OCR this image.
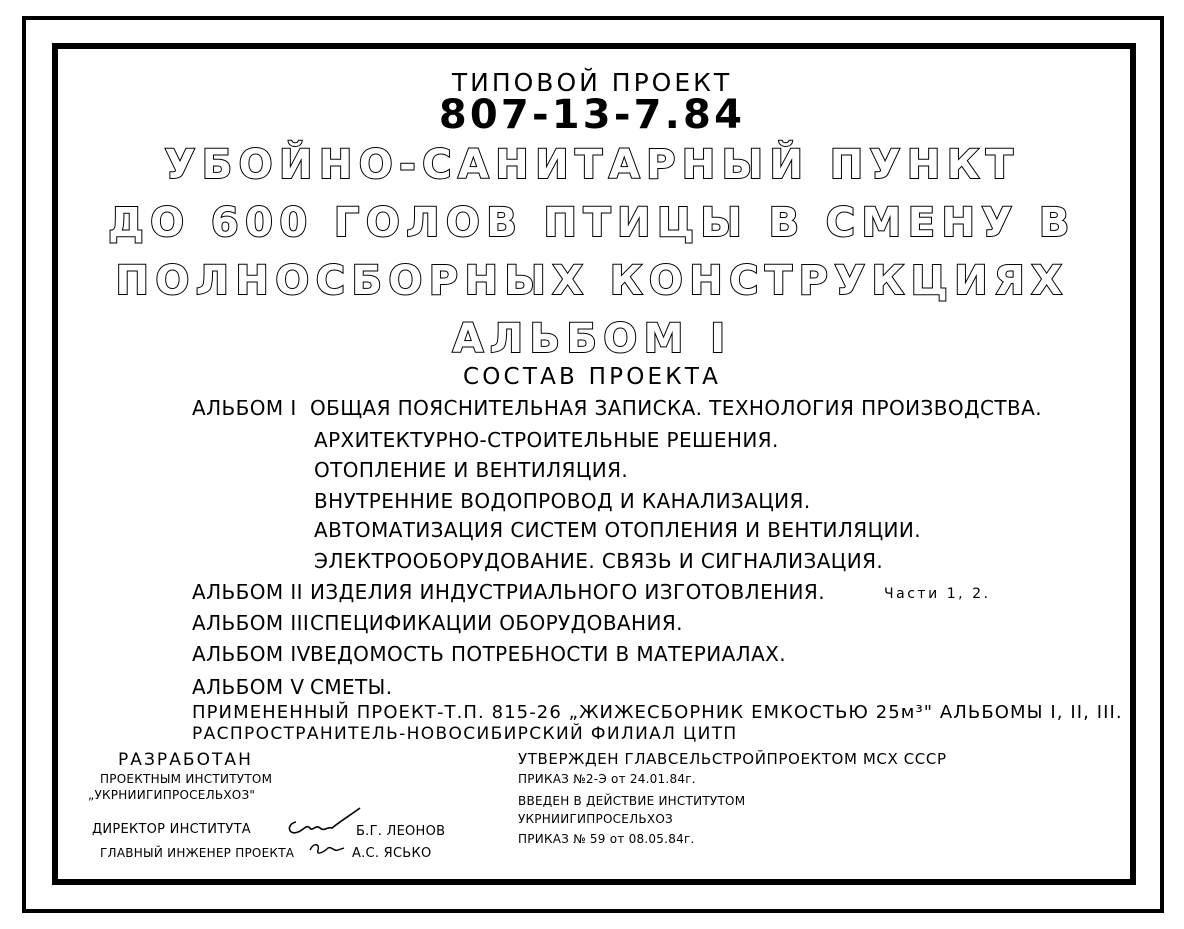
ТИПОВОЙ ПРОЕКТ
807-13-7.84
УБОЙНО-САНИТАРНЫЙ ПУНКТ
ДО 600 ГОЛОВ ПТИЦЫ В СМЕНУ В
ПОЛНОСБОРНЫХ КОНСТРУКЦИЯХ
АЛЬБОМ I
СОСТАВ ПРОЕКТА
АЛЬБОМ I ОБЩАЯ ПОЯСНИТЕЛЬНАЯ ЗАПИСКА. ТЕХНОЛОГИЯ ПРОИЗВОДСТВА.
АРХИТЕКТУРНО-СТРОИТЕЛЬНЫЕ РЕШЕНИЯ.
ОТОПЛЕНИЕ И ВЕНТИЛЯЦИЯ.
ВНУТРЕННИЕ ВОДОПРОВОД И КАНАЛИЗАЦИЯ.
АВТОМАТИЗАЦИЯ СИСТЕМ ОТОПЛЕНИЯ И ВЕНТИЛЯЦИИ.
ЭЛЕКТРООБОРУДОВАНИЕ. СВЯЗЬ И СИГНАЛИЗАЦИЯ.
АЛЬБОМ II ИЗДЕЛИЯ ИНДУСТРИАЛЬНОГО ИЗГОТОВЛЕНИЯ.	Части 1, 2.
АЛЬБОМ IIIСПЕЦИФИКАЦИИ ОБОРУДОВАНИЯ.
АЛЬБОМ IVВЕДОМОСТЬ ПОТРЕБНОСТИ В МАТЕРИАЛАХ.
АЛЬБОМ V СМЕТЫ.
ПРИМЕНЕННЫЙ ПРОЕКТ-Т.П. 815-26 „ЖИЖЕСБОРНИК ЕМКОСТЬЮ 25м³" АЛЬБОМЫ I, II, III.
РАСПРОСТРАНИТЕЛЬ-НОВОСИБИРСКИЙ ФИЛИАЛ ЦИТП
РАЗРАБОТАН
ПРОЕКТНЫМ ИНСТИТУТОМ
„УКРНИИГИПРОСЕЛЬХОЗ"
ДИРЕКТОР ИНСТИТУТА	Б.Г. ЛЕОНОВ
ГЛАВНЫЙ ИНЖЕНЕР ПРОЕКТА	А.С. ЯСЬКО
УТВЕРЖДЕН ГЛАВСЕЛЬСТРОЙПРОЕКТОМ МСХ СССР
ПРИКАЗ №2-Э от 24.01.84г.
ВВЕДЕН В ДЕЙСТВИЕ ИНСТИТУТОМ
УКРНИИГИПРОСЕЛЬХОЗ
ПРИКАЗ № 59 от 08.05.84г.
